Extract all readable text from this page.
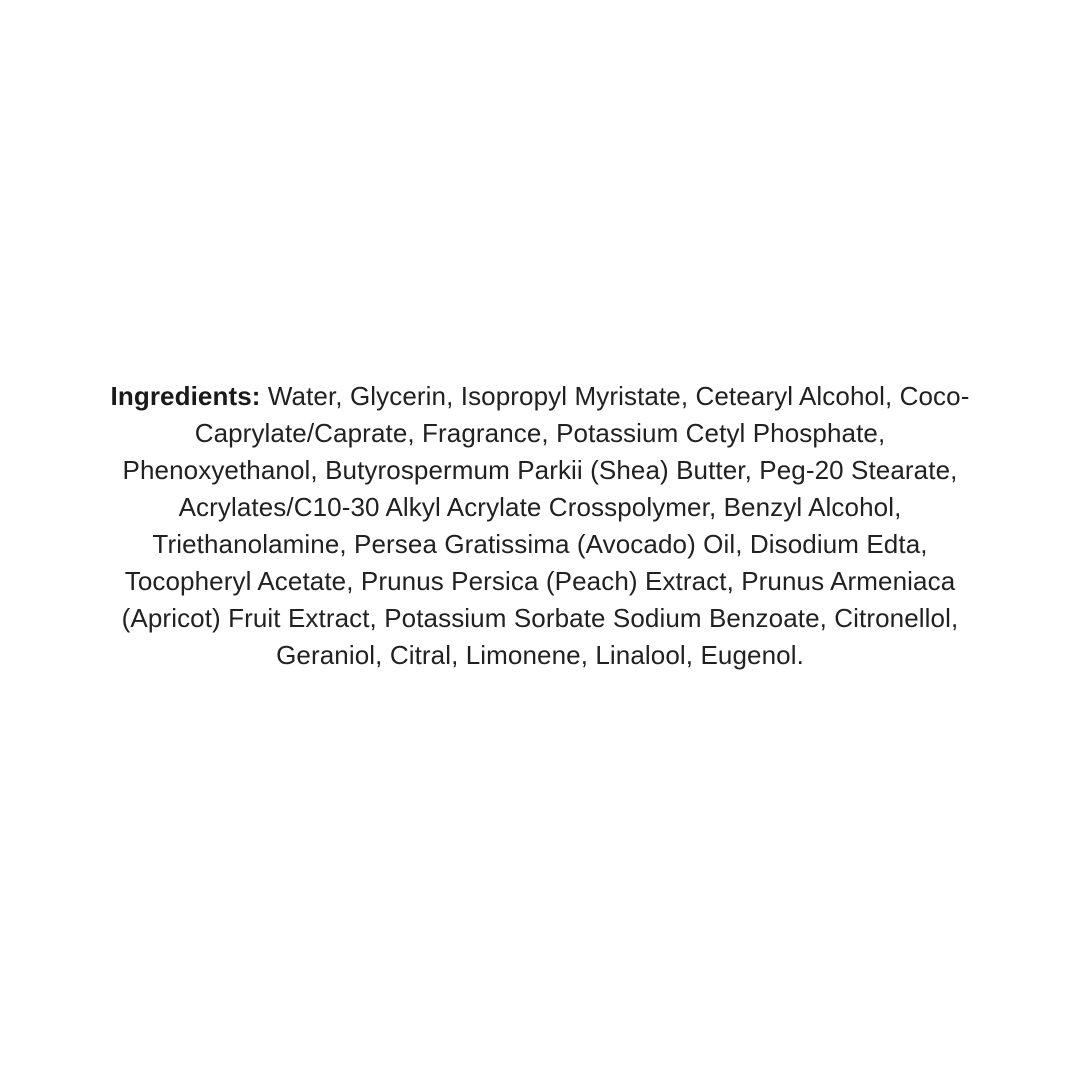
Ingredients: Water, Glycerin, Isopropyl Myristate, Cetearyl Alcohol, Coco-Caprylate/Caprate, Fragrance, Potassium Cetyl Phosphate, Phenoxyethanol, Butyrospermum Parkii (Shea) Butter, Peg-20 Stearate, Acrylates/C10-30 Alkyl Acrylate Crosspolymer, Benzyl Alcohol, Triethanolamine, Persea Gratissima (Avocado) Oil, Disodium Edta, Tocopheryl Acetate, Prunus Persica (Peach) Extract, Prunus Armeniaca (Apricot) Fruit Extract, Potassium Sorbate Sodium Benzoate, Citronellol, Geraniol, Citral, Limonene, Linalool, Eugenol.
